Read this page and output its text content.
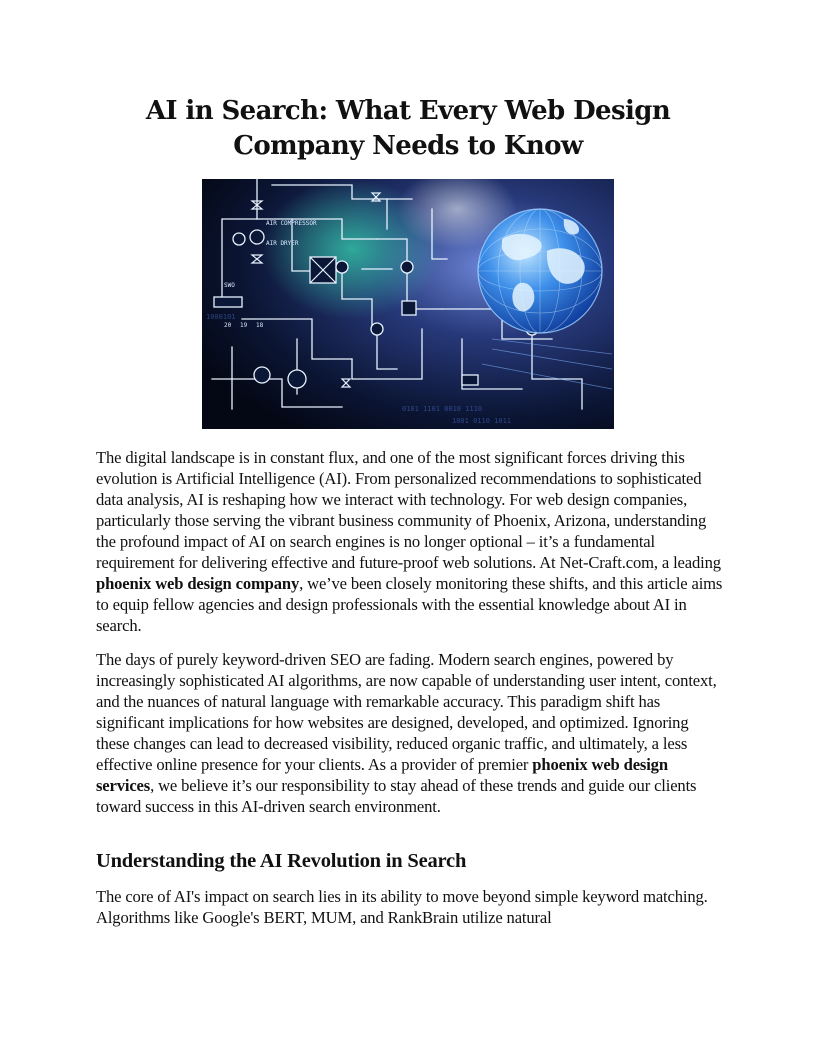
AI in Search: What Every Web Design
Company Needs to Know
0101 1101 0010 1110
1001 0110 1011
1000101
AIR COMPRESSOR
AIR DRYER
SWO
20 19 18

The digital landscape is in constant flux, and one of the most significant forces driving this evolution is Artificial Intelligence (AI). From personalized recommendations to sophisticated data analysis, AI is reshaping how we interact with technology. For web design companies, particularly those serving the vibrant business community of Phoenix, Arizona, understanding the profound impact of AI on search engines is no longer optional – it’s a fundamental requirement for delivering effective and future-proof web solutions. At Net-Craft.com, a leading phoenix web design company, we’ve been closely monitoring these shifts, and this article aims to equip fellow agencies and design professionals with the essential knowledge about AI in search.

The days of purely keyword-driven SEO are fading. Modern search engines, powered by increasingly sophisticated AI algorithms, are now capable of understanding user intent, context, and the nuances of natural language with remarkable accuracy. This paradigm shift has significant implications for how websites are designed, developed, and optimized. Ignoring these changes can lead to decreased visibility, reduced organic traffic, and ultimately, a less effective online presence for your clients. As a provider of premier phoenix web design services, we believe it’s our responsibility to stay ahead of these trends and guide our clients toward success in this AI-driven search environment.

Understanding the AI Revolution in Search

The core of AI's impact on search lies in its ability to move beyond simple keyword matching. Algorithms like Google's BERT, MUM, and RankBrain utilize natural
